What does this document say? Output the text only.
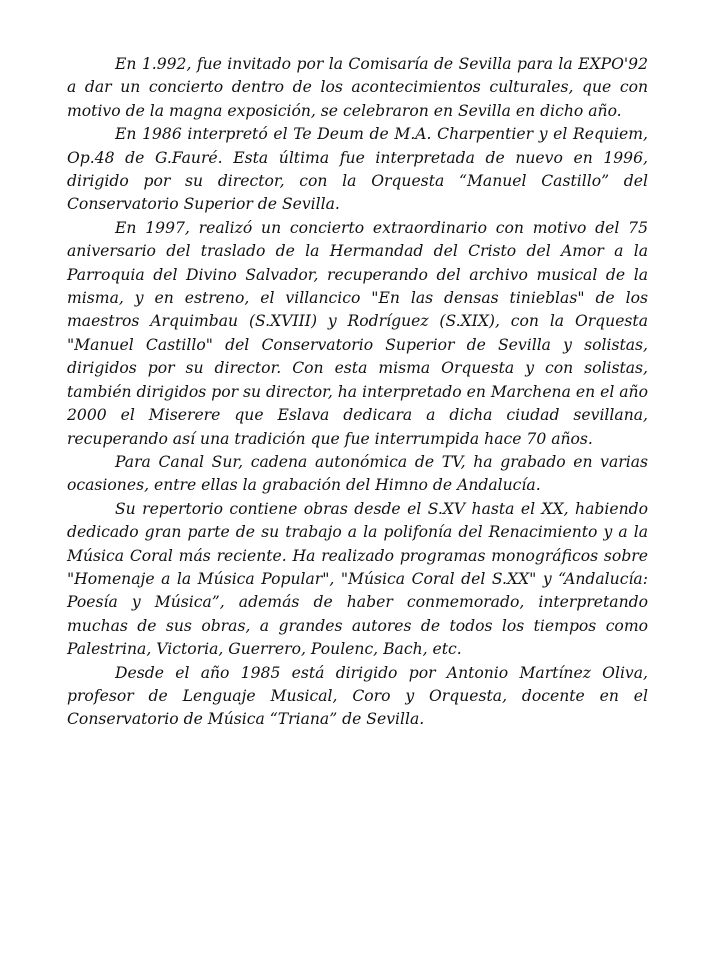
En 1.992, fue invitado por la Comisaría de Sevilla para la EXPO'92 a dar un concierto dentro de los acontecimientos culturales, que con motivo de la magna exposición, se celebraron en Sevilla en dicho año.

En 1986 interpretó el Te Deum de M.A. Charpentier y el Requiem, Op.48 de G.Fauré. Esta última fue interpretada de nuevo en 1996, dirigido por su director, con la Orquesta “Manuel Castillo” del Conservatorio Superior de Sevilla.

En 1997, realizó un concierto extraordinario con motivo del 75 aniversario del traslado de la Hermandad del Cristo del Amor a la Parroquia del Divino Salvador, recuperando del archivo musical de la misma, y en estreno, el villancico "En las densas tinieblas" de los maestros Arquimbau (S.XVIII) y Rodríguez (S.XIX), con la Orquesta "Manuel Castillo" del Conservatorio Superior de Sevilla y solistas, dirigidos por su director. Con esta misma Orquesta y con solistas, también dirigidos por su director, ha interpretado en Marchena en el año 2000 el Miserere que Eslava dedicara a dicha ciudad sevillana, recuperando así una tradición que fue interrumpida hace 70 años.

Para Canal Sur, cadena autonómica de TV, ha grabado en varias ocasiones, entre ellas la grabación del Himno de Andalucía.

Su repertorio contiene obras desde el S.XV hasta el XX, habiendo dedicado gran parte de su trabajo a la polifonía del Renacimiento y a la Música Coral más reciente. Ha realizado programas monográficos sobre "Homenaje a la Música Popular", "Música Coral del S.XX" y “Andalucía: Poesía y Música”, además de haber conmemorado, interpretando muchas de sus obras, a grandes autores de todos los tiempos como Palestrina, Victoria, Guerrero, Poulenc, Bach, etc.

Desde el año 1985 está dirigido por Antonio Martínez Oliva, profesor de Lenguaje Musical, Coro y Orquesta, docente en el Conservatorio de Música “Triana” de Sevilla.
